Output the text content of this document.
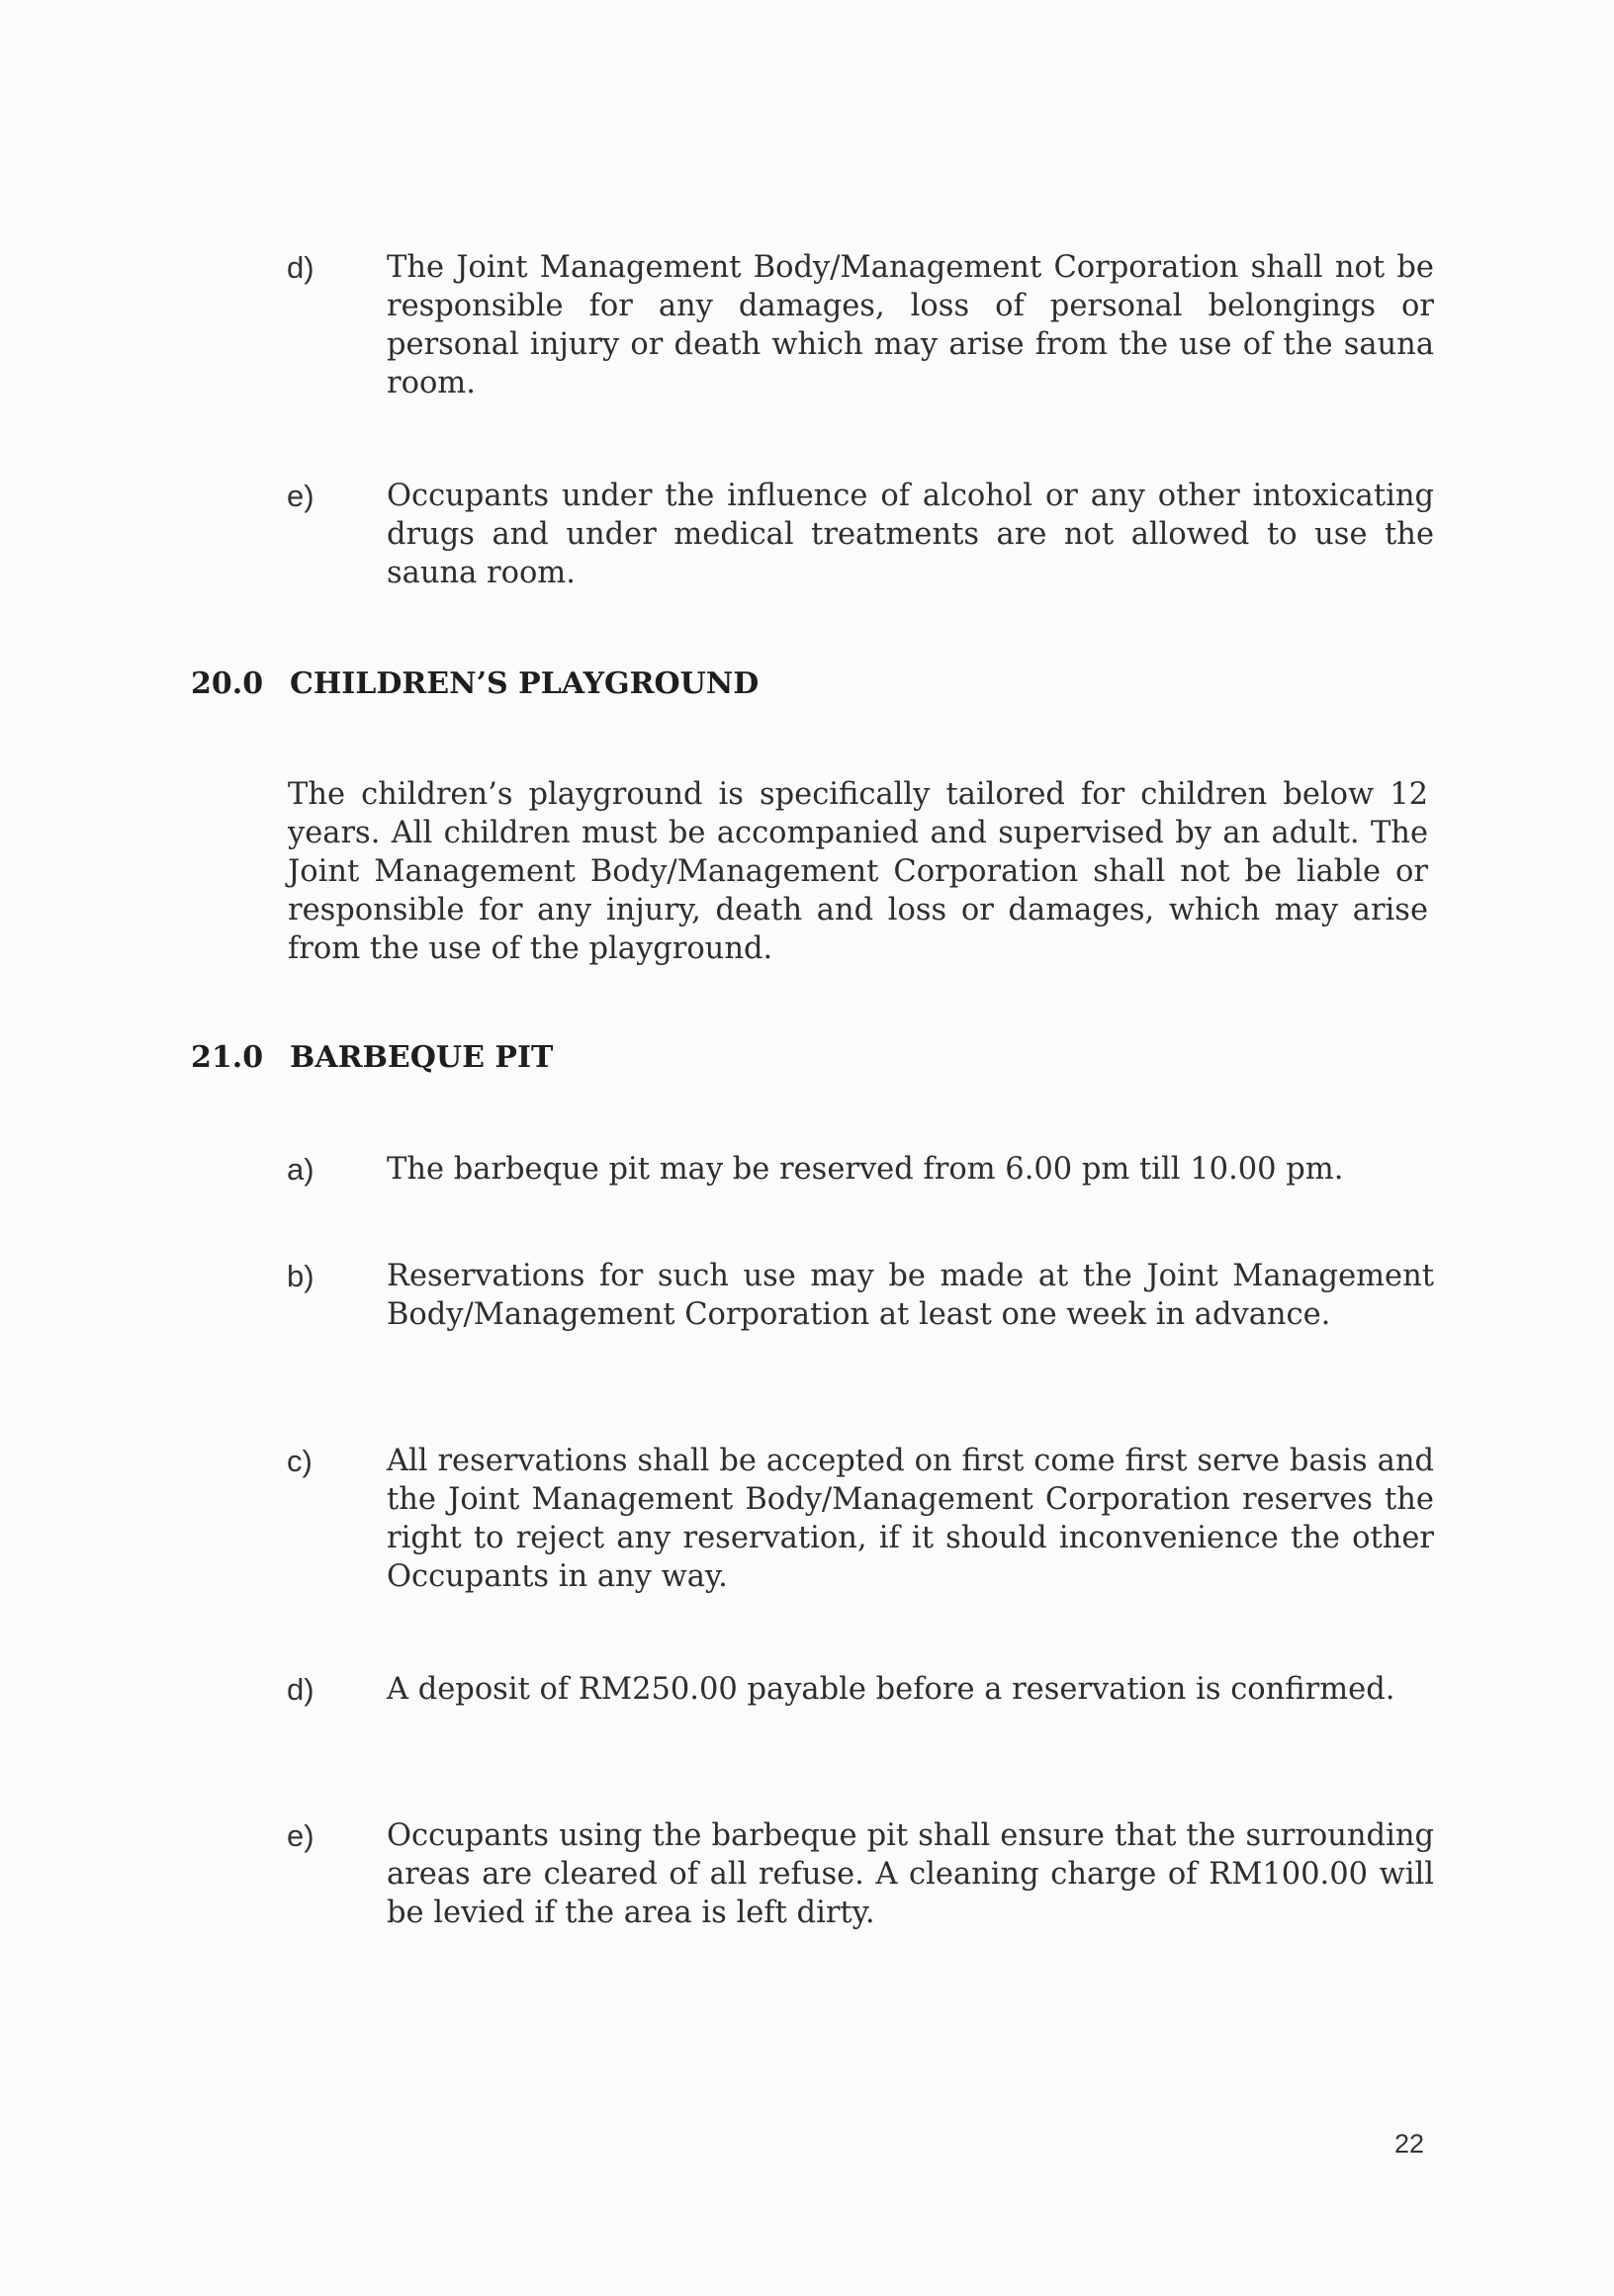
d) The Joint Management Body/Management Corporation shall not be responsible for any damages, loss of personal belongings or personal injury or death which may arise from the use of the sauna room.
e) Occupants under the influence of alcohol or any other intoxicating drugs and under medical treatments are not allowed to use the sauna room.
20.0 CHILDREN’S PLAYGROUND
The children’s playground is specifically tailored for children below 12 years. All children must be accompanied and supervised by an adult. The Joint Management Body/Management Corporation shall not be liable or responsible for any injury, death and loss or damages, which may arise from the use of the playground.
21.0 BARBEQUE PIT
a) The barbeque pit may be reserved from 6.00 pm till 10.00 pm.
b) Reservations for such use may be made at the Joint Management Body/Management Corporation at least one week in advance.
c) All reservations shall be accepted on first come first serve basis and the Joint Management Body/Management Corporation reserves the right to reject any reservation, if it should inconvenience the other Occupants in any way.
d) A deposit of RM250.00 payable before a reservation is confirmed.
e) Occupants using the barbeque pit shall ensure that the surrounding areas are cleared of all refuse. A cleaning charge of RM100.00 will be levied if the area is left dirty.
22
